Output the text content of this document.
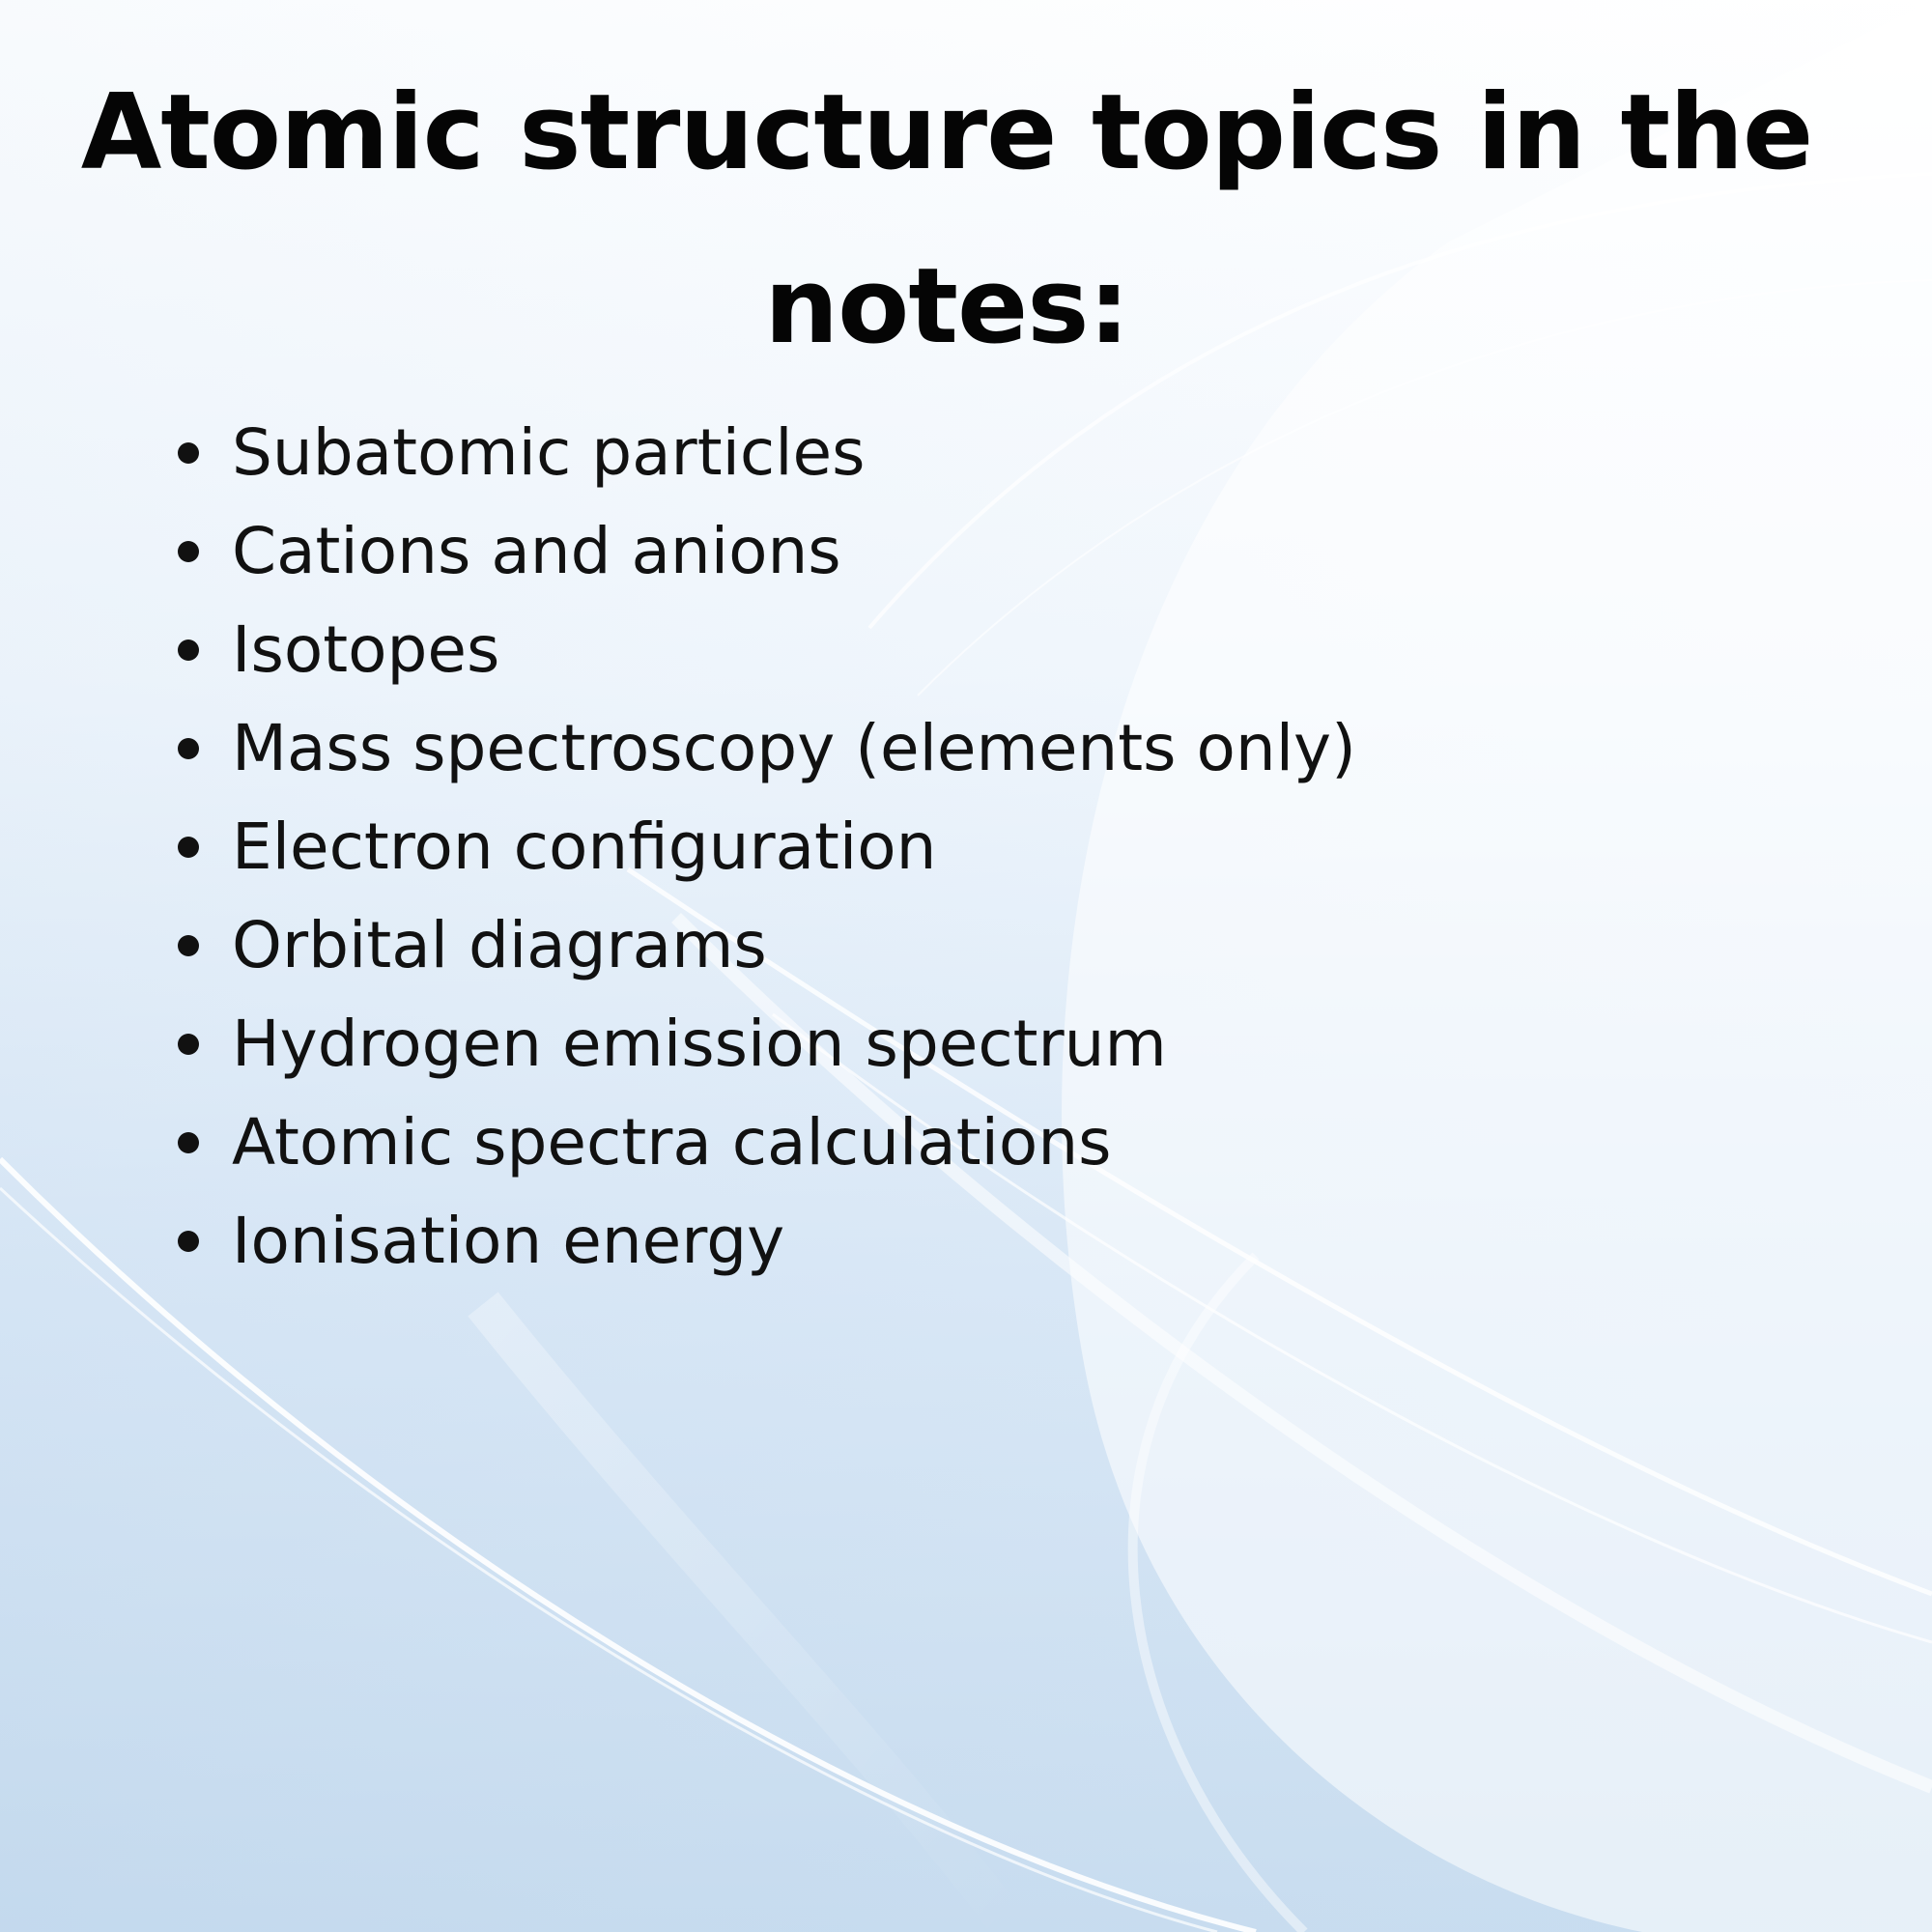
Atomic structure topics in the notes:
Subatomic particles
Cations and anions
Isotopes
Mass spectroscopy (elements only)
Electron configuration
Orbital diagrams
Hydrogen emission spectrum
Atomic spectra calculations
Ionisation energy
